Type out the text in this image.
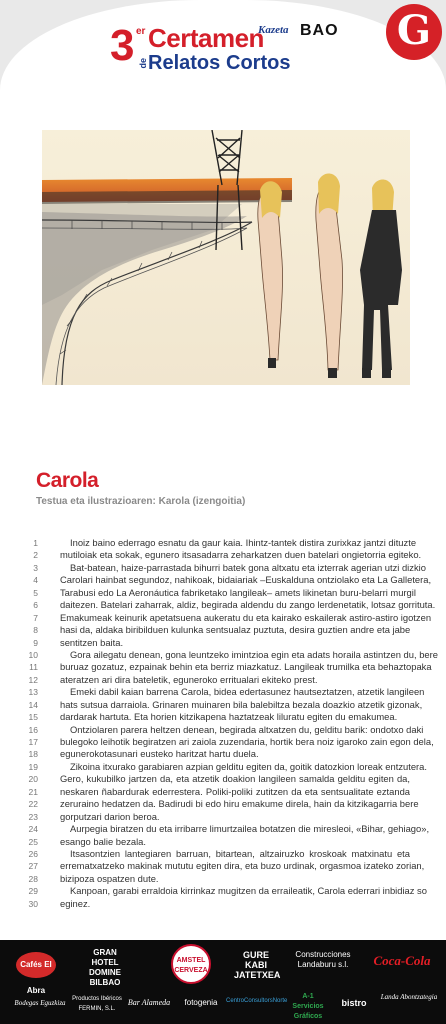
3 er Certamen
de Relatos Cortos
Kazeta BAO G
Carola
Testua eta ilustrazioaren: Karola (izengoitia)
1	Inoiz baino ederrago esnatu da gaur kaia. Ihintz-tantek distira zurixkaz jantzi dituzte
2 mutiloiak eta sokak, egunero itsasadarra zeharkatzen duen batelari ongietorria egiteko.
3	Bat-batean, haize-parrastada bihurri batek gona altxatu eta izterrak agerian utzi dizkio
4 Carolari hainbat segundoz, nahikoak, bidaiariak –Euskalduna ontziolako eta La Galletera,
5 Tarabusi edo La Aeronáutica fabriketako langileak– amets likinetan buru-belarri murgil
6 daitezen. Batelari zaharrak, aldiz, begirada aldendu du zango lerdenetatik, lotsaz gorrituta.
7 Emakumeak keinurik apetatsuena aukeratu du eta kairako eskailerak astiro-astiro igotzen
8 hasi da, aldaka biribilduen kulunka sentsualaz puztuta, desira guztien andre eta jabe
9 sentitzen baita.
10	Gora ailegatu denean, gona leuntzeko imintzioa egin eta adats horaila astintzen du, bere
11 buruaz gozatuz, ezpainak behin eta berriz miazkatuz. Langileak trumilka eta behaztopaka
12 ateratzen ari dira bateletik, eguneroko erritualari ekiteko prest.
13	Emeki dabil kaian barrena Carola, bidea edertasunez hautseztatzen, atzetik langileen
14 hats sutsua darraiola. Grinaren muinaren bila balebiltza bezala doazkio atzetik gizonak,
15 dardarak hartuta. Eta horien kitzikapena haztatzeak liluratu egiten du emakumea.
16	Ontziolaren parera heltzen denean, begirada altxatzen du, gelditu barik: ondotxo daki
17 bulegoko leihotik begiratzen ari zaiola zuzendaria, hortik bera noiz igaroko zain egon dela,
18 egunerokotasunari eusteko haritzat hartu duela.
19	Zikoina itxurako garabiaren azpian gelditu egiten da, goitik datozkion loreak entzutera.
20 Gero, kukubilko jartzen da, eta atzetik doakion langileen samalda gelditu egiten da,
21 neskaren ñabardurak ederrestera. Poliki-poliki zutitzen da eta sentsualitate eztanda
22 zeruraino hedatzen da. Badirudi bi edo hiru emakume direla, hain da kitzikagarria bere
23 gorputzari darion beroa.
24	Aurpegia biratzen du eta irribarre limurtzailea botatzen die miresleoi, «Bihar, gehiago»,
25 esango balie bezala.
26	Itsasontzien lantegiaren barruan, bitartean, altzairuzko kroskoak matxinatu eta
27 errematxatzeko makinak mututu egiten dira, eta buzo urdinak, orgasmoa izateko zorian,
28 bizipoza ospatzen dute.
29	Kanpoan, garabi erraldoia kirrinkaz mugitzen da erraileatik, Carola ederrari inbidiaz so
30 eginez.
Cafés El Abra
GRAN HOTEL DOMINE BILBAO
AMSTEL CERVEZA
GURE KABI JATETXEA
Construcciones Landaburu s.l.	Coca-Cola
Bodegas Eguzkiza	Productos Ibéricos FERMIN, S.L.
Bar Alameda	fotogenia	CentroConsultorsNorte
A-1 Servicios Gráficos
bistro
Landa Abontzategia
